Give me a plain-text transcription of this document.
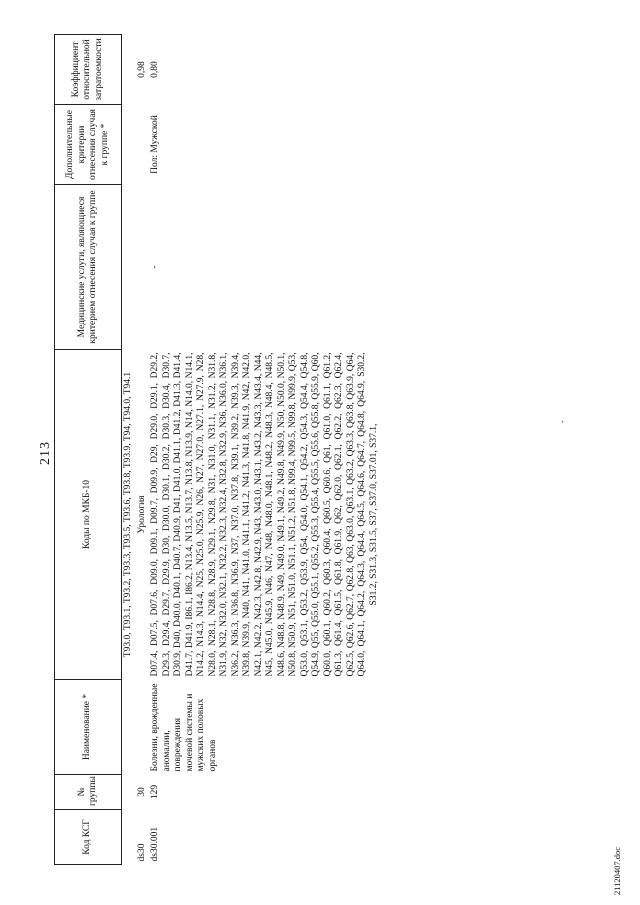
213
Код КСГ	№ группы	Наименование *	Коды по МКБ-10	Медицинские услуги, являющиеся критерием отнесения случая к группе	Дополнительные критерии отнесения случая к группе *	Коэффициент относительной затратоемкости
			T93.0, T93.1, T93.2, T93.3, T93.5, T93.6, T93.8, T93.9, T94, T94.0, T94.1			
ds30	30		Урология			0,98
ds30.001	129	Болезни, врожденные аномалии, повреждения мочевой системы и мужских половых органов	D07.4, D07.5, D07.6, D09.0, D09.1, D09.7, D09.9, D29, D29.0, D29.1, D29.2, D29.3, D29.4, D29.7, D29.9, D30, D30.0, D30.1, D30.2, D30.3, D30.4, D30.7, D30.9, D40, D40.0, D40.1, D40.7, D40.9, D41, D41.0, D41.1, D41.2, D41.3, D41.4, D41.7, D41.9, I86.1, I86.2, N13.4, N13.5, N13.7, N13.8, N13.9, N14, N14.0, N14.1, N14.2, N14.3, N14.4, N25, N25.0, N25.9, N26, N27, N27.0, N27.1, N27.9, N28, N28.0, N28.1, N28.8, N28.9, N29.1, N29.8, N31, N31.0, N31.1, N31.2, N31.8, N31.9, N32, N32.0, N32.1, N32.2, N32.3, N32.4, N32.8, N32.9, N36, N36.0, N36.1, N36.2, N36.3, N36.8, N36.9, N37, N37.0, N37.8, N39.1, N39.2, N39.3, N39.4, N39.8, N39.9, N40, N41, N41.0, N41.1, N41.2, N41.3, N41.8, N41.9, N42, N42.0, N42.1, N42.2, N42.3, N42.8, N42.9, N43, N43.0, N43.1, N43.2, N43.3, N43.4, N44, N45, N45.0, N45.9, N46, N47, N48, N48.0, N48.1, N48.2, N48.3, N48.4, N48.5, N48.6, N48.8, N48.9, N49, N49.0, N49.1, N49.2, N49.8, N49.9, N50, N50.0, N50.1, N50.8, N50.9, N51, N51.0, N51.1, N51.2, N51.8, N99.4, N99.5, N99.8, N99.9, Q53, Q53.0, Q53.1, Q53.2, Q53.9, Q54, Q54.0, Q54.1, Q54.2, Q54.3, Q54.4, Q54.8, Q54.9, Q55, Q55.0, Q55.1, Q55.2, Q55.3, Q55.4, Q55.5, Q55.6, Q55.8, Q55.9, Q60, Q60.0, Q60.1, Q60.2, Q60.3, Q60.4, Q60.5, Q60.6, Q61, Q61.0, Q61.1, Q61.2, Q61.3, Q61.4, Q61.5, Q61.8, Q61.9, Q62, Q62.0, Q62.1, Q62.2, Q62.3, Q62.4, Q62.5, Q62.6, Q62.7, Q62.8, Q63, Q63.0, Q63.1, Q63.2, Q63.3, Q63.8, Q63.9, Q64, Q64.0, Q64.1, Q64.2, Q64.3, Q64.4, Q64.5, Q64.6, Q64.7, Q64.8, Q64.9, S30.2, S31.2, S31.3, S31.5, S37, S37.0, S37.01, S37.1,	-	Пол: Мужской	0,80
.
21120407.doc
